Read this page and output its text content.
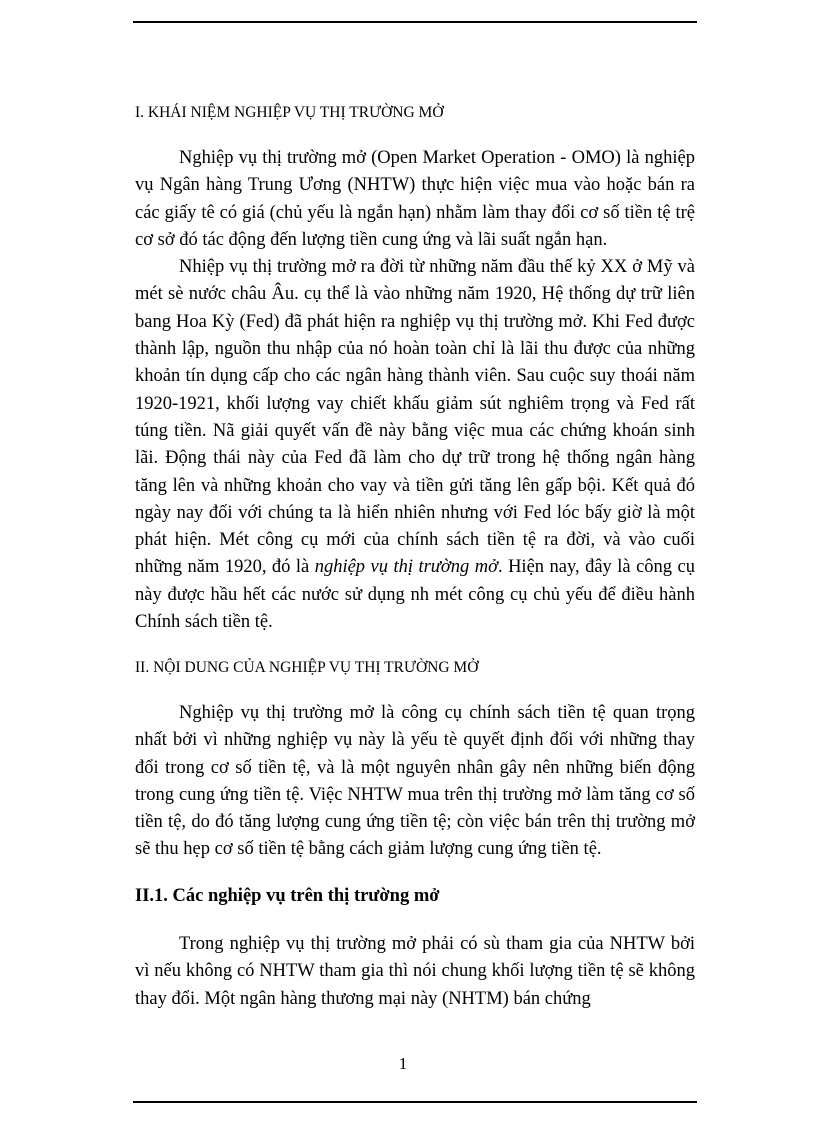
I. KHÁI NIỆM NGHIỆP VỤ THỊ TRƯỜNG MỞ

Nghiệp vụ thị trường mở (Open Market Operation - OMO) là nghiệp vụ Ngân hàng Trung Ương (NHTW) thực hiện việc mua vào hoặc bán ra các giấy tê có giá (chủ yếu là ngắn hạn) nhằm làm thay đổi cơ số tiền tệ trệ cơ sở đó tác động đến lượng tiền cung ứng và lãi suất ngắn hạn.

Nhiệp vụ thị trường mở ra đời từ những năm đầu thế kỷ XX ở Mỹ và mét sè nước châu Âu. cụ thể là vào những năm 1920, Hệ thống dự trữ liên bang Hoa Kỳ (Fed) đã phát hiện ra nghiệp vụ thị trường mở. Khi Fed được thành lập, nguồn thu nhập của nó hoàn toàn chỉ là lãi thu được của những khoản tín dụng cấp cho các ngân hàng thành viên. Sau cuộc suy thoái năm 1920-1921, khối lượng vay chiết khấu giảm sút nghiêm trọng và Fed rất túng tiền. Nã giải quyết vấn đề này bằng việc mua các chứng khoán sinh lãi. Động thái này của Fed đã làm cho dự trữ trong hệ thống ngân hàng tăng lên và những khoản cho vay và tiền gửi tăng lên gấp bội. Kết quả đó ngày nay đối với chúng ta là hiển nhiên nhưng với Fed lóc bấy giờ là một phát hiện. Mét công cụ mới của chính sách tiền tệ ra đời, và vào cuối những năm 1920, đó là nghiệp vụ thị trường mở. Hiện nay, đây là công cụ này được hầu hết các nước sử dụng nh mét công cụ chủ yếu để điều hành Chính sách tiền tệ.

II. NỘI DUNG CỦA NGHIỆP VỤ THỊ TRƯỜNG MỞ

Nghiệp vụ thị trường mở là công cụ chính sách tiền tệ quan trọng nhất bởi vì những nghiệp vụ này là yếu tè quyết định đối với những thay đổi trong cơ số tiền tệ, và là một nguyên nhân gây nên những biến động trong cung ứng tiền tệ. Việc NHTW mua trên thị trường mở làm tăng cơ số tiền tệ, do đó tăng lượng cung ứng tiền tệ; còn việc bán trên thị trường mở sẽ thu hẹp cơ số tiền tệ bằng cách giảm lượng cung ứng tiền tệ.

II.1. Các nghiệp vụ trên thị trường mở

Trong nghiệp vụ thị trường mở phải có sù tham gia của NHTW bởi vì nếu không có NHTW tham gia thì nói chung khối lượng tiền tệ sẽ không thay đổi. Một ngân hàng thương mại này (NHTM) bán chứng

1
